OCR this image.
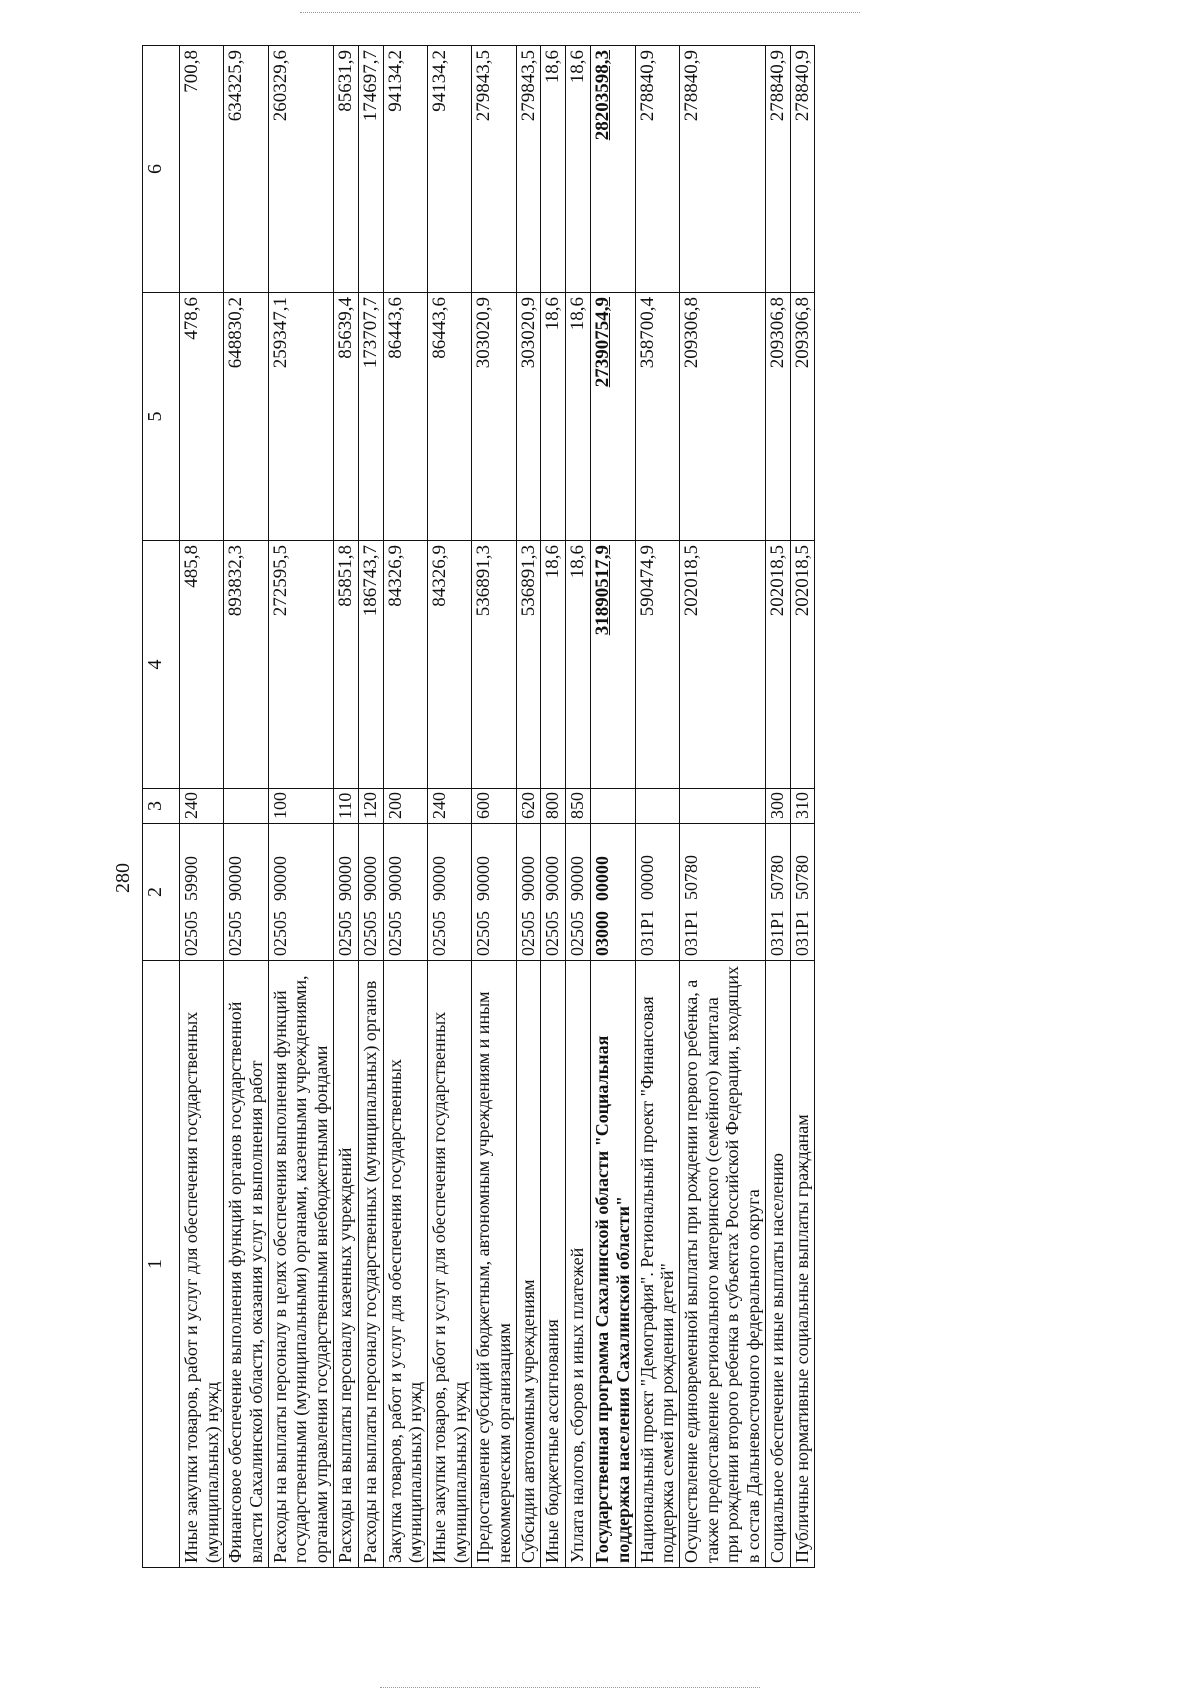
280
1	2	3	4	5	6
Иные закупки товаров, работ и услуг для обеспечения государственных (муниципальных) нужд	0250559900	240	485,8	478,6	700,8
Финансовое обеспечение выполнения функций органов государственной власти Сахалинской области, оказания услуг и выполнения работ	0250590000		893832,3	648830,2	634325,9
Расходы на выплаты персоналу в целях обеспечения выполнения функций государственными (муниципальными) органами, казенными учреждениями, органами управления государственными внебюджетными фондами	0250590000	100	272595,5	259347,1	260329,6
Расходы на выплаты персоналу казенных учреждений	0250590000	110	85851,8	85639,4	85631,9
Расходы на выплаты персоналу государственных (муниципальных) органов	0250590000	120	186743,7	173707,7	174697,7
Закупка товаров, работ и услуг для обеспечения государственных (муниципальных) нужд	0250590000	200	84326,9	86443,6	94134,2
Иные закупки товаров, работ и услуг для обеспечения государственных (муниципальных) нужд	0250590000	240	84326,9	86443,6	94134,2
Предоставление субсидий бюджетным, автономным учреждениям и иным некоммерческим организациям	0250590000	600	536891,3	303020,9	279843,5
Субсидии автономным учреждениям	0250590000	620	536891,3	303020,9	279843,5
Иные бюджетные ассигнования	0250590000	800	18,6	18,6	18,6
Уплата налогов, сборов и иных платежей	0250590000	850	18,6	18,6	18,6
Государственная программа Сахалинской области "Социальная поддержка населения Сахалинской области"	0300000000		31890517,9	27390754,9	28203598,3
Национальный проект "Демография". Региональный проект "Финансовая поддержка семей при рождении детей"	031P100000		590474,9	358700,4	278840,9
Осуществление единовременной выплаты при рождении первого ребенка, а также предоставление регионального материнского (семейного) капитала при рождении второго ребенка в субъектах Российской Федерации, входящих в состав Дальневосточного федерального округа	031P150780		202018,5	209306,8	278840,9
Социальное обеспечение и иные выплаты населению	031P150780	300	202018,5	209306,8	278840,9
Публичные нормативные социальные выплаты гражданам	031P150780	310	202018,5	209306,8	278840,9
